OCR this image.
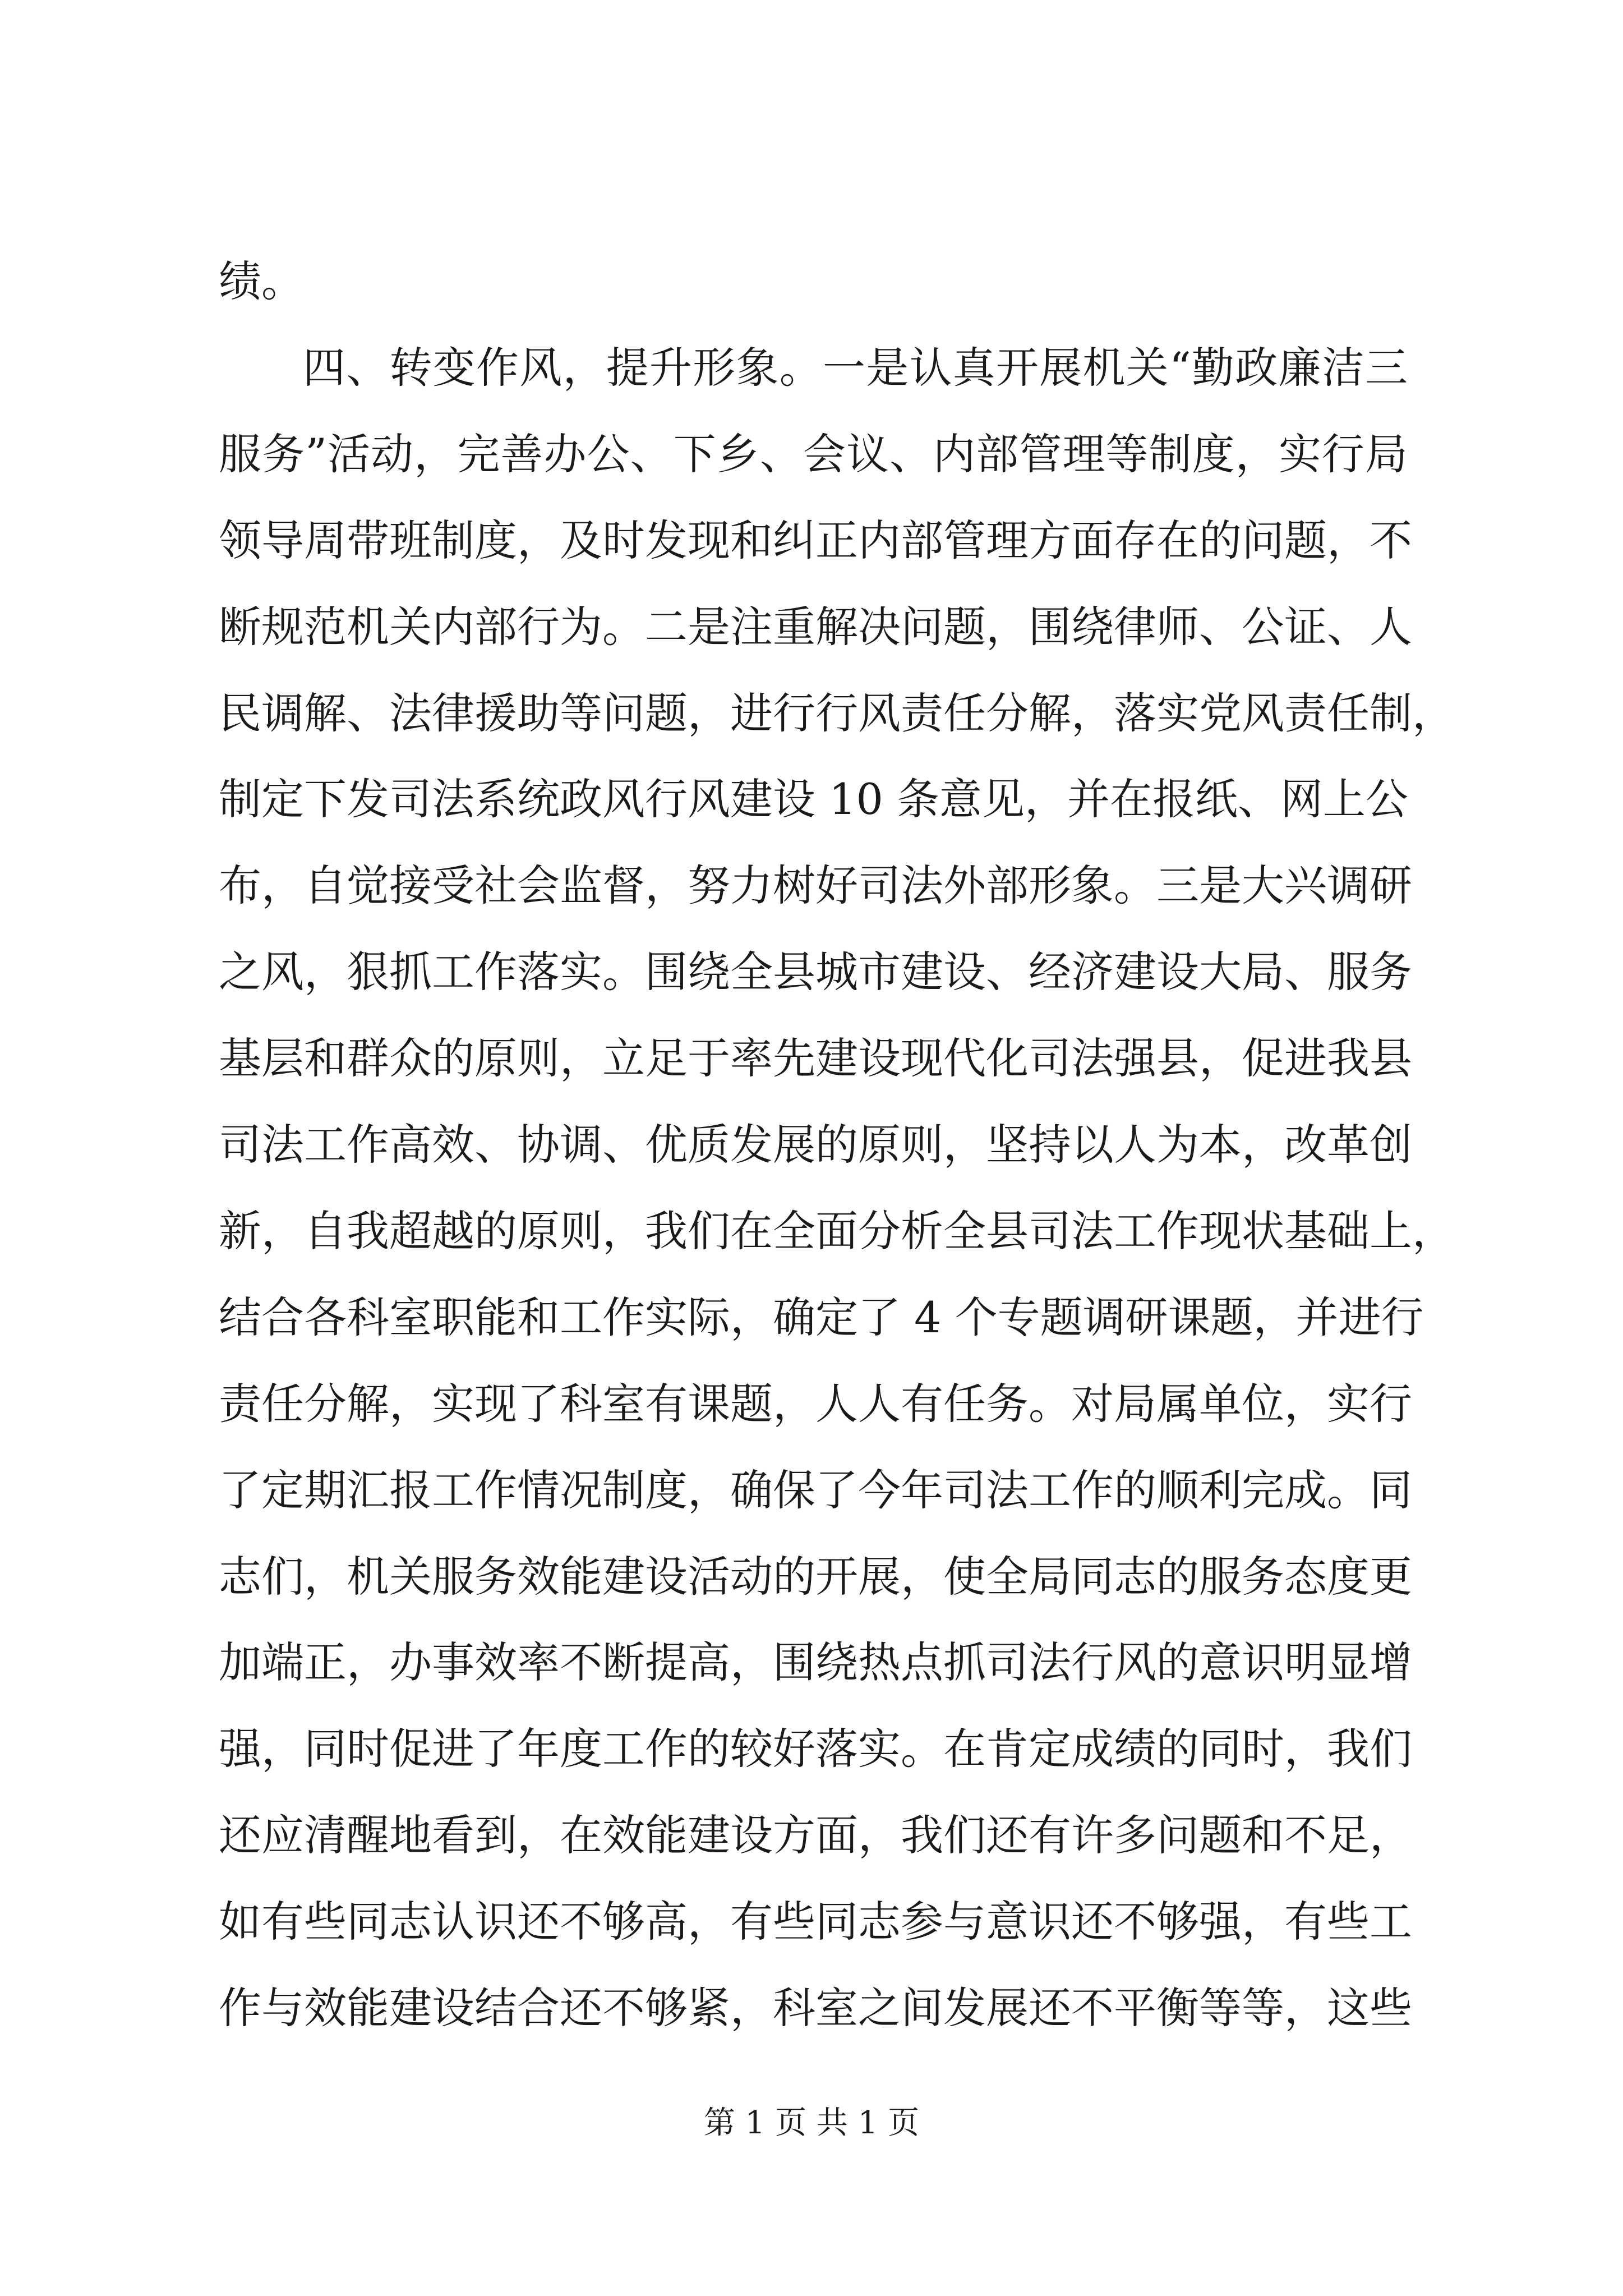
绩。
四、转变作风，提升形象。一是认真开展机关“勤政廉洁三
服务”活动，完善办公、下乡、会议、内部管理等制度，实行局
领导周带班制度，及时发现和纠正内部管理方面存在的问题，不
断规范机关内部行为。二是注重解决问题，围绕律师、公证、人
民调解、法律援助等问题，进行行风责任分解，落实党风责任制，
制定下发司法系统政风行风建设 10 条意见，并在报纸、网上公
布，自觉接受社会监督，努力树好司法外部形象。三是大兴调研
之风，狠抓工作落实。围绕全县城市建设、经济建设大局、服务
基层和群众的原则，立足于率先建设现代化司法强县，促进我县
司法工作高效、协调、优质发展的原则，坚持以人为本，改革创
新，自我超越的原则，我们在全面分析全县司法工作现状基础上，
结合各科室职能和工作实际，确定了 4 个专题调研课题，并进行
责任分解，实现了科室有课题，人人有任务。对局属单位，实行
了定期汇报工作情况制度，确保了今年司法工作的顺利完成。同
志们，机关服务效能建设活动的开展，使全局同志的服务态度更
加端正，办事效率不断提高，围绕热点抓司法行风的意识明显增
强，同时促进了年度工作的较好落实。在肯定成绩的同时，我们
还应清醒地看到，在效能建设方面，我们还有许多问题和不足，
如有些同志认识还不够高，有些同志参与意识还不够强，有些工
作与效能建设结合还不够紧，科室之间发展还不平衡等等，这些
第 1 页 共 1 页
